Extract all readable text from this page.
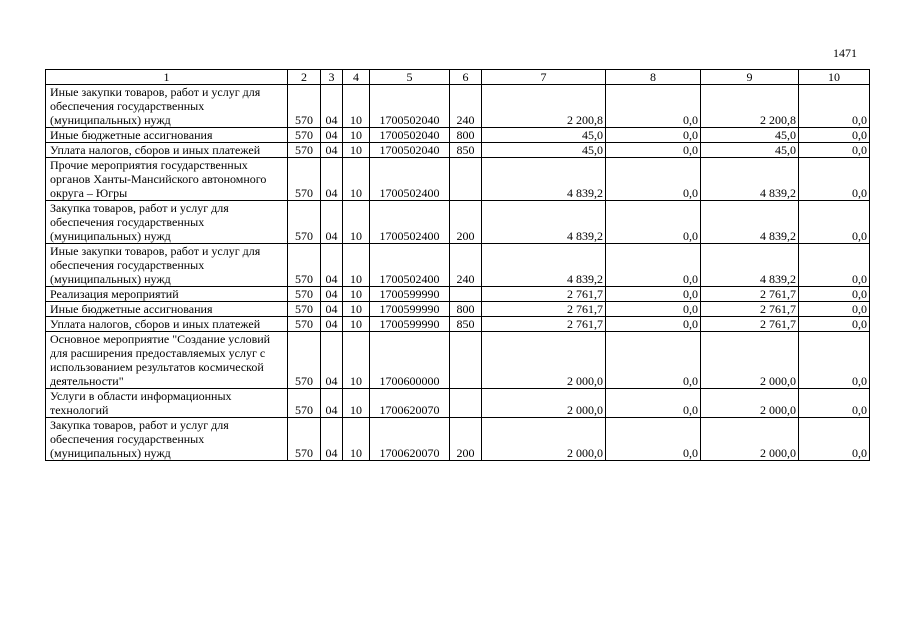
1471
1	2	3	4	5	6	7	8	9	10
Иные закупки товаров, работ и услуг для обеспечения государственных (муниципальных) нужд	570	04	10	1700502040	240	2 200,8	0,0	2 200,8	0,0
Иные бюджетные ассигнования	570	04	10	1700502040	800	45,0	0,0	45,0	0,0
Уплата налогов, сборов и иных платежей	570	04	10	1700502040	850	45,0	0,0	45,0	0,0
Прочие мероприятия государственных органов Ханты-Мансийского автономного округа – Югры	570	04	10	1700502400		4 839,2	0,0	4 839,2	0,0
Закупка товаров, работ и услуг для обеспечения государственных (муниципальных) нужд	570	04	10	1700502400	200	4 839,2	0,0	4 839,2	0,0
Иные закупки товаров, работ и услуг для обеспечения государственных (муниципальных) нужд	570	04	10	1700502400	240	4 839,2	0,0	4 839,2	0,0
Реализация мероприятий	570	04	10	1700599990		2 761,7	0,0	2 761,7	0,0
Иные бюджетные ассигнования	570	04	10	1700599990	800	2 761,7	0,0	2 761,7	0,0
Уплата налогов, сборов и иных платежей	570	04	10	1700599990	850	2 761,7	0,0	2 761,7	0,0
Основное мероприятие "Создание условий для расширения предоставляемых услуг с использованием результатов космической деятельности"	570	04	10	1700600000		2 000,0	0,0	2 000,0	0,0
Услуги в области информационных технологий	570	04	10	1700620070		2 000,0	0,0	2 000,0	0,0
Закупка товаров, работ и услуг для обеспечения государственных (муниципальных) нужд	570	04	10	1700620070	200	2 000,0	0,0	2 000,0	0,0
